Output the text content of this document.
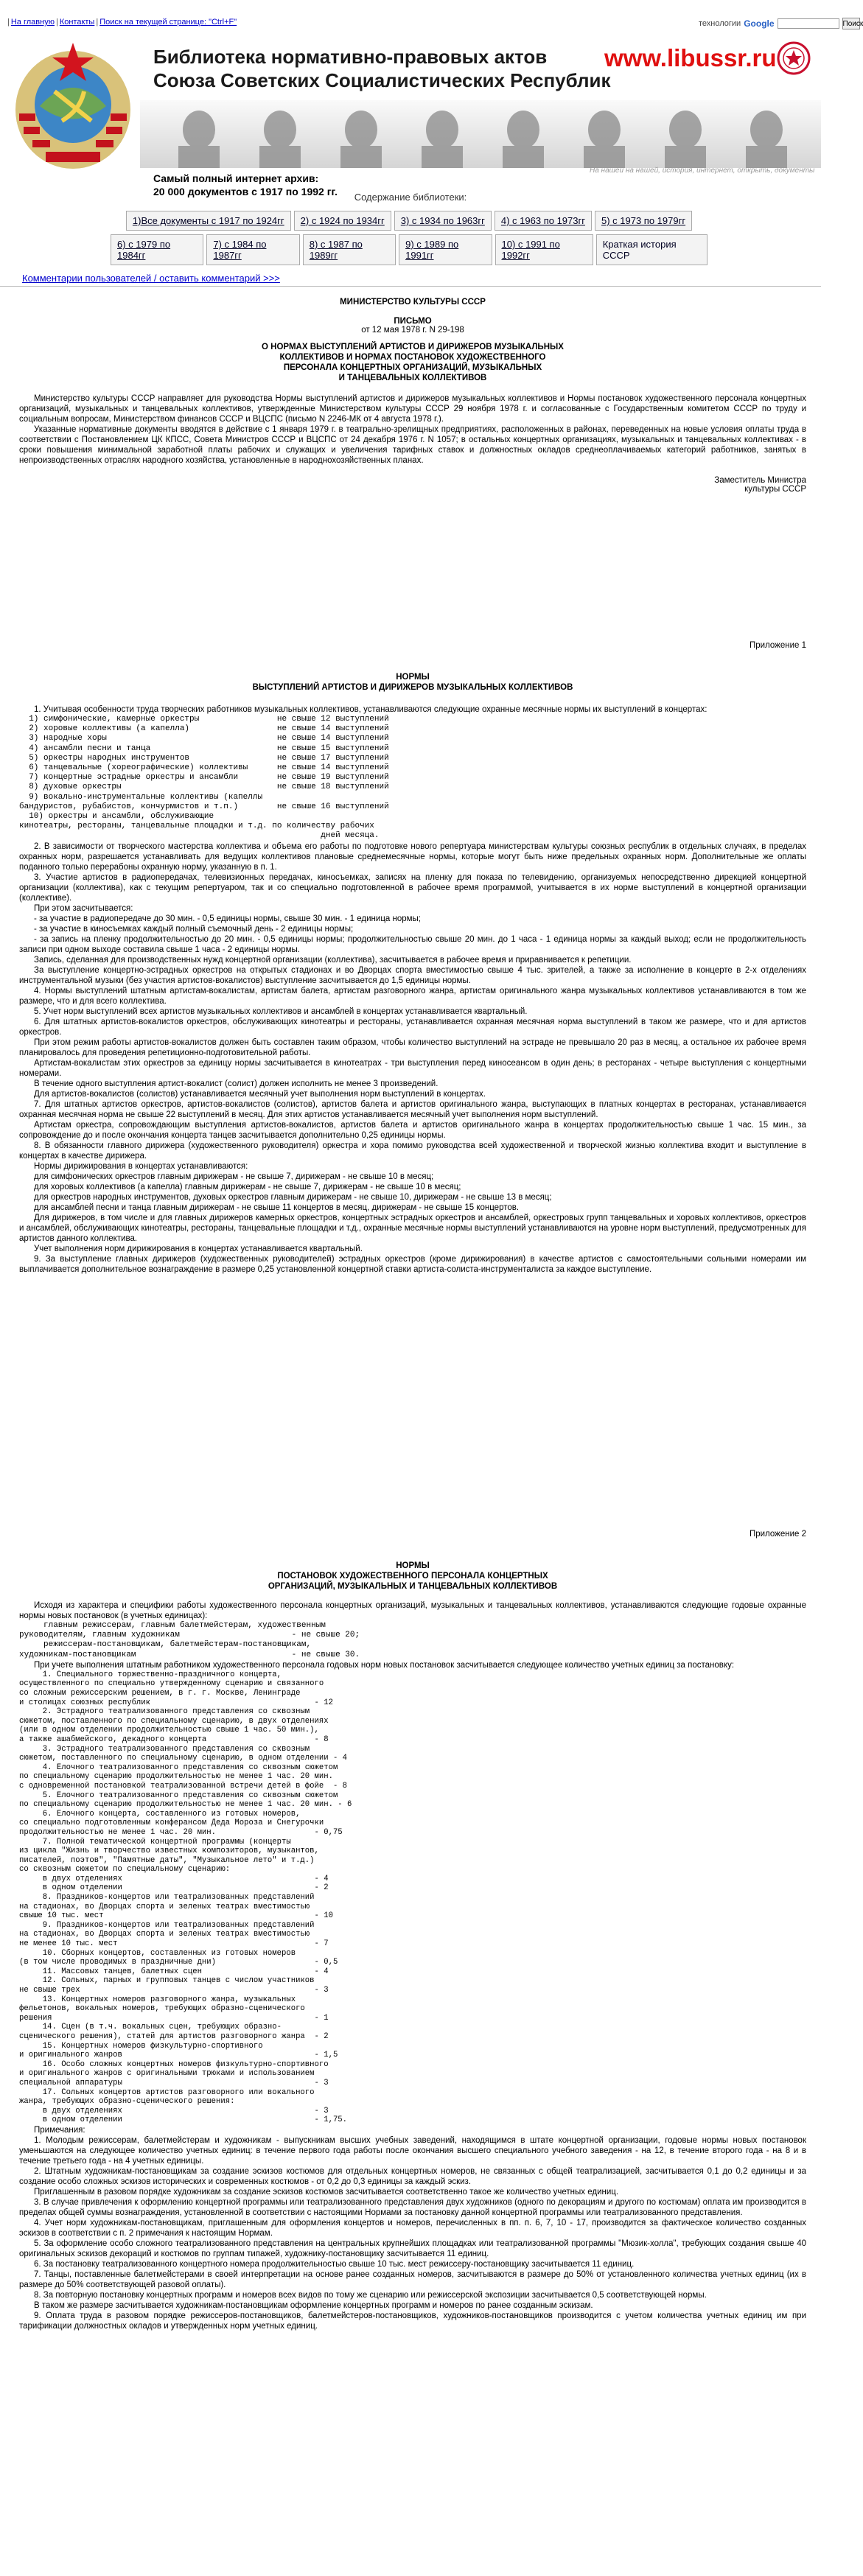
| На главную | Контакты | Поиск на текущей странице: "Ctrl+F"	технологии Google	Поиск
Библиотека нормативно-правовых актов
Союза Советских Социалистических Республик
www.libussr.ru
Самый полный интернет архив:
20 000 документов с 1917 по 1992 гг.
На нашей на нашей, история, интернет, открыть, документы
Содержание библиотеки:
1)Все документы с 1917 по 1924гг	2) с 1924 по 1934гг	3) с 1934 по 1963гг	4) с 1963 по 1973гг	5) с 1973 по 1979гг
6) с 1979 по 1984гг
7) с 1984 по 1987гг
8) с 1987 по 1989гг
9) с 1989 по 1991гг
10) с 1991 по 1992гг
Краткая история СССР
Комментарии пользователей / оставить комментарий >>>
МИНИСТЕРСТВО КУЛЬТУРЫ СССР
ПИСЬМО
от 12 мая 1978 г. N 29-198
О НОРМАХ ВЫСТУПЛЕНИЙ АРТИСТОВ И ДИРИЖЕРОВ МУЗЫКАЛЬНЫХ
КОЛЛЕКТИВОВ И НОРМАХ ПОСТАНОВОК ХУДОЖЕСТВЕННОГО
ПЕРСОНАЛА КОНЦЕРТНЫХ ОРГАНИЗАЦИЙ, МУЗЫКАЛЬНЫХ
И ТАНЦЕВАЛЬНЫХ КОЛЛЕКТИВОВ

Министерство культуры СССР направляет для руководства Нормы выступлений артистов и дирижеров музыкальных коллективов и Нормы постановок художественного персонала концертных организаций, музыкальных и танцевальных коллективов, утвержденные Министерством культуры СССР 29 ноября 1978 г. и согласованные с Государственным комитетом СССР по труду и социальным вопросам, Министерством финансов СССР и ВЦСПС (письмо N 2246-МК от 4 августа 1978 г.).

Указанные нормативные документы вводятся в действие с 1 января 1979 г. в театрально-зрелищных предприятиях, расположенных в районах, переведенных на новые условия оплаты труда в соответствии с Постановлением ЦК КПСС, Совета Министров СССР и ВЦСПС от 24 декабря 1976 г. N 1057; в остальных концертных организациях, музыкальных и танцевальных коллективах - в сроки повышения минимальной заработной платы рабочих и служащих и увеличения тарифных ставок и должностных окладов среднеоплачиваемых категорий работников, занятых в непроизводственных отраслях народного хозяйства, установленные в народнохозяйственных планах.

Заместитель Министра
культуры СССР
Приложение 1
НОРМЫ
ВЫСТУПЛЕНИЙ АРТИСТОВ И ДИРИЖЕРОВ МУЗЫКАЛЬНЫХ КОЛЛЕКТИВОВ

1. Учитывая особенности труда творческих работников музыкальных коллективов, устанавливаются следующие охранные месячные нормы их выступлений в концертах:

1) симфонические, камерные оркестры                не свыше 12 выступлений
2) хоровые коллективы (а капелла)                  не свыше 14 выступлений
3) народные хоры                                   не свыше 14 выступлений
4) ансамбли песни и танца                          не свыше 15 выступлений
5) оркестры народных инструментов                  не свыше 17 выступлений
6) танцевальные (хореографические) коллективы      не свыше 14 выступлений
7) концертные эстрадные оркестры и ансамбли        не свыше 19 выступлений
8) духовые оркестры                                не свыше 18 выступлений
9) вокально-инструментальные коллективы (капеллы
бандуристов, рубабистов, кончурмистов и т.п.)        не свыше 16 выступлений
10) оркестры и ансамбли, обслуживающие
кинотеатры, рестораны, танцевальные площадки и т.д. по количеству рабочих
дней месяца.

2. В зависимости от творческого мастерства коллектива и объема его работы по подготовке нового репертуара министерствам культуры союзных республик в отдельных случаях, в пределах охранных норм, разрешается устанавливать для ведущих коллективов плановые среднемесячные нормы, которые могут быть ниже предельных охранных норм. Дополнительные же оплаты поданного только перерабоны охранную норму, указанную в п. 1.

3. Участие артистов в радиопередачах, телевизионных передачах, киносъемках, записях на пленку для показа по телевидению, организуемых непосредственно дирекцией концертной организации (коллектива), как с текущим репертуаром, так и со специально подготовленной в рабочее время программой, учитывается в их норме выступлений в концертной организации (коллективе).

При этом засчитывается:

- за участие в радиопередаче до 30 мин. - 0,5 единицы нормы, свыше 30 мин. - 1 единица нормы;

- за участие в киносъемках каждый полный съемочный день - 2 единицы нормы;

- за запись на пленку продолжительностью до 20 мин. - 0,5 единицы нормы; продолжительностью свыше 20 мин. до 1 часа - 1 единица нормы за каждый выход; если не продолжительность записи при одном выходе составила свыше 1 часа - 2 единицы нормы.

Запись, сделанная для производственных нужд концертной организации (коллектива), засчитывается в рабочее время и приравнивается к репетиции.

За выступление концертно-эстрадных оркестров на открытых стадионах и во Дворцах спорта вместимостью свыше 4 тыс. зрителей, а также за исполнение в концерте в 2-х отделениях инструментальной музыки (без участия артистов-вокалистов) выступление засчитывается до 1,5 единицы нормы.

4. Нормы выступлений штатным артистам-вокалистам, артистам балета, артистам разговорного жанра, артистам оригинального жанра музыкальных коллективов устанавливаются в том же размере, что и для всего коллектива.

5. Учет норм выступлений всех артистов музыкальных коллективов и ансамблей в концертах устанавливается квартальный.

6. Для штатных артистов-вокалистов оркестров, обслуживающих кинотеатры и рестораны, устанавливается охранная месячная норма выступлений в таком же размере, что и для артистов оркестров.

При этом режим работы артистов-вокалистов должен быть составлен таким образом, чтобы количество выступлений на эстраде не превышало 20 раз в месяц, а остальное их рабочее время планировалось для проведения репетиционно-подготовительной работы.

Артистам-вокалистам этих оркестров за единицу нормы засчитывается в кинотеатрах - три выступления перед киносеансом в один день; в ресторанах - четыре выступления с концертными номерами.

В течение одного выступления артист-вокалист (солист) должен исполнить не менее 3 произведений.

Для артистов-вокалистов (солистов) устанавливается месячный учет выполнения норм выступлений в концертах.

7. Для штатных артистов оркестров, артистов-вокалистов (солистов), артистов балета и артистов оригинального жанра, выступающих в платных концертах в ресторанах, устанавливается охранная месячная норма не свыше 22 выступлений в месяц. Для этих артистов устанавливается месячный учет выполнения норм выступлений.

Артистам оркестра, сопровождающим выступления артистов-вокалистов, артистов балета и артистов оригинального жанра в концертах продолжительностью свыше 1 час. 15 мин., за сопровождение до и после окончания концерта танцев засчитывается дополнительно 0,25 единицы нормы.

8. В обязанности главного дирижера (художественного руководителя) оркестра и хора помимо руководства всей художественной и творческой жизнью коллектива входит и выступление в концертах в качестве дирижера.

Нормы дирижирования в концертах устанавливаются:

для симфонических оркестров главным дирижерам - не свыше 7, дирижерам - не свыше 10 в месяц;

для хоровых коллективов (а капелла) главным дирижерам - не свыше 7, дирижерам - не свыше 10 в месяц;

для оркестров народных инструментов, духовых оркестров главным дирижерам - не свыше 10, дирижерам - не свыше 13 в месяц;

для ансамблей песни и танца главным дирижерам - не свыше 11 концертов в месяц, дирижерам - не свыше 15 концертов.

Для дирижеров, в том числе и для главных дирижеров камерных оркестров, концертных эстрадных оркестров и ансамблей, оркестровых групп танцевальных и хоровых коллективов, оркестров и ансамблей, обслуживающих кинотеатры, рестораны, танцевальные площадки и т.д., охранные месячные нормы выступлений устанавливаются на уровне норм выступлений, предусмотренных для артистов данного коллектива.

Учет выполнения норм дирижирования в концертах устанавливается квартальный.

9. За выступление главных дирижеров (художественных руководителей) эстрадных оркестров (кроме дирижирования) в качестве артистов с самостоятельными сольными номерами им выплачивается дополнительное вознаграждение в размере 0,25 установленной концертной ставки артиста-солиста-инструменталиста за каждое выступление.

Приложение 2
НОРМЫ
ПОСТАНОВОК ХУДОЖЕСТВЕННОГО ПЕРСОНАЛА КОНЦЕРТНЫХ
ОРГАНИЗАЦИЙ, МУЗЫКАЛЬНЫХ И ТАНЦЕВАЛЬНЫХ КОЛЛЕКТИВОВ

Исходя из характера и специфики работы художественного персонала концертных организаций, музыкальных и танцевальных коллективов, устанавливаются следующие годовые охранные нормы новых постановок (в учетных единицах):

главным режиссерам, главным балетмейстерам, художественным
руководителям, главным художникам                       - не свыше 20;
режиссерам-постановщикам, балетмейстерам-постановщикам,
художникам-постановщикам                                - не свыше 30.

При учете выполнения штатным работником художественного персонала годовых норм новых постановок засчитывается следующее количество учетных единиц за постановку:

1. Специального торжественно-праздничного концерта,
осуществленного по специально утвержденному сценарию и связанного
со сложным режиссерским решением, в г. г. Москве, Ленинграде
и столицах союзных республик                                   - 12
2. Эстрадного театрализованного представления со сквозным
сюжетом, поставленного по специальному сценарию, в двух отделениях
(или в одном отделении продолжительностью свыше 1 час. 50 мин.),
а также ашабмейского, декадного концерта                       - 8
3. Эстрадного театрализованного представления со сквозным
сюжетом, поставленного по специальному сценарию, в одном отделении - 4
4. Елочного театрализованного представления со сквозным сюжетом
по специальному сценарию продолжительностью не менее 1 час. 20 мин.
с одновременной постановкой театрализованной встречи детей в фойе  - 8
5. Елочного театрализованного представления со сквозным сюжетом
по специальному сценарию продолжительностью не менее 1 час. 20 мин. - 6
6. Елочного концерта, составленного из готовых номеров,
со специально подготовленным конферансом Деда Мороза и Снегурочки
продолжительностью не менее 1 час. 20 мин.                     - 0,75
7. Полной тематической концертной программы (концерты
из цикла "Жизнь и творчество известных композиторов, музыкантов,
писателей, поэтов", "Памятные даты", "Музыкальное лето" и т.д.)
со сквозным сюжетом по специальному сценарию:
в двух отделениях                                         - 4
в одном отделении                                         - 2
8. Праздников-концертов или театрализованных представлений
на стадионах, во Дворцах спорта и зеленых театрах вместимостью
свыше 10 тыс. мест                                             - 10
9. Праздников-концертов или театрализованных представлений
на стадионах, во Дворцах спорта и зеленых театрах вместимостью
не менее 10 тыс. мест                                          - 7
10. Сборных концертов, составленных из готовых номеров
(в том числе проводимых в праздничные дни)                     - 0,5
11. Массовых танцев, балетных сцен                        - 4
12. Сольных, парных и групповых танцев с числом участников
не свыше трех                                                  - 3
13. Концертных номеров разговорного жанра, музыкальных
фельетонов, вокальных номеров, требующих образно-сценического
решения                                                        - 1
14. Сцен (в т.ч. вокальных сцен, требующих образно-
сценического решения), статей для артистов разговорного жанра  - 2
15. Концертных номеров физкультурно-спортивного
и оригинального жанров                                         - 1,5
16. Особо сложных концертных номеров физкультурно-спортивного
и оригинального жанров с оригинальными трюками и использованием
специальной аппаратуры                                         - 3
17. Сольных концертов артистов разговорного или вокального
жанра, требующих образно-сценического решения:
в двух отделениях                                         - 3
в одном отделении                                         - 1,75.
Примечания:

1. Молодым режиссерам, балетмейстерам и художникам - выпускникам высших учебных заведений, находящимся в штате концертной организации, годовые нормы новых постановок уменьшаются на следующее количество учетных единиц: в течение первого года работы после окончания высшего специального учебного заведения - на 12, в течение второго года - на 8 и в течение третьего года - на 4 учетных единицы.

2. Штатным художникам-постановщикам за создание эскизов костюмов для отдельных концертных номеров, не связанных с общей театрализацией, засчитывается 0,1 до 0,2 единицы и за создание особо сложных эскизов исторических и современных костюмов - от 0,2 до 0,3 единицы за каждый эскиз.

Приглашенным в разовом порядке художникам за создание эскизов костюмов засчитывается соответственно такое же количество учетных единиц.

3. В случае привлечения к оформлению концертной программы или театрализованного представления двух художников (одного по декорациям и другого по костюмам) оплата им производится в пределах общей суммы вознаграждения, установленной в соответствии с настоящими Нормами за постановку данной концертной программы или театрализованного представления.

4. Учет норм художникам-постановщикам, приглашенным для оформления концертов и номеров, перечисленных в пп. п. 6, 7, 10 - 17, производится за фактическое количество созданных эскизов в соответствии с п. 2 примечания к настоящим Нормам.

5. За оформление особо сложного театрализованного представления на центральных крупнейших площадках или театрализованной программы "Мюзик-холла", требующих создания свыше 40 оригинальных эскизов декораций и костюмов по группам типажей, художнику-постановщику засчитывается 11 единиц.

6. За постановку театрализованного концертного номера продолжительностью свыше 10 тыс. мест режиссеру-постановщику засчитывается 11 единиц.

7. Танцы, поставленные балетмейстерами в своей интерпретации на основе ранее созданных номеров, засчитываются в размере до 50% от установленного количества учетных единиц (их в размере до 50% соответствующей разовой оплаты).

8. За повторную постановку концертных программ и номеров всех видов по тому же сценарию или режиссерской экспозиции засчитывается 0,5 соответствующей нормы.

В таком же размере засчитывается художникам-постановщикам оформление концертных программ и номеров по ранее созданным эскизам.

9. Оплата труда в разовом порядке режиссеров-постановщиков, балетмейстеров-постановщиков, художников-постановщиков производится с учетом количества учетных единиц им при тарификации должностных окладов и утвержденных норм учетных единиц.
